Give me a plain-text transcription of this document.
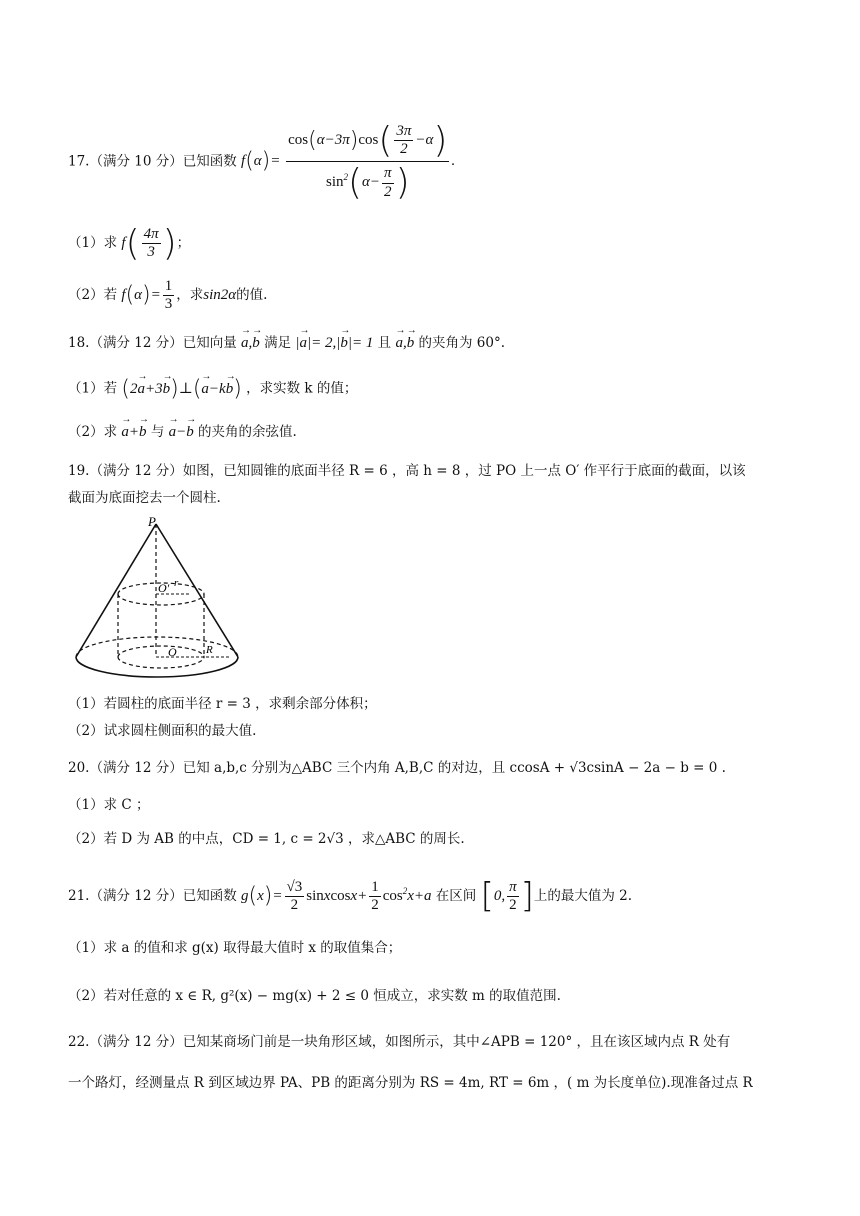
17.（满分 10 分）已知函数 $f(\alpha)= \frac{\cos(\alpha-3\pi)\cos( \frac{3\pi}{2} -\alpha)}{\sin^2(\alpha- \frac{\pi}{2} )}$ .
（1）求 $f( \frac{4\pi}{3}$ )；
（2）若 $f(\alpha)= \frac{1}{3}$ ，求sin2α的值.
18.（满分 12 分）已知向量 → a,→ b 满足 |→ a|= 2,|→ b|= 1 且 → a,→ b 的夹角为 60°.
（1）若 (2→ a+3→ b)⊥(→ a−k→ b) ，求实数 k 的值；
（2）求 → a+→ b 与 → a−→ b 的夹角的余弦值.
19.（满分 12 分）如图，已知圆锥的底面半径 R = 6 ，高 h = 8 ，过 PO 上一点 O′ 作平行于底面的截面，以该
截面为底面挖去一个圆柱.
P
O′ r
O	R
（1）若圆柱的底面半径 r = 3 ，求剩余部分体积；
（2）试求圆柱侧面积的最大值.
20.（满分 12 分）已知 a,b,c 分别为△ABC 三个内角 A,B,C 的对边，且 ccosA + √3csinA − 2a − b = 0 .
（1）求 C ；
（2）若 D 为 AB 的中点，CD = 1, c = 2√3 ，求△ABC 的周长.
21.（满分 12 分）已知函数 $g(x)= \frac{√3}{2}$ sinxcosx+ $\frac{1}{2} \cos^2x+a$ 在区间 [0, $\frac{\pi}{2}$ ]上的最大值为 2.
（1）求 a 的值和求 g(x) 取得最大值时 x 的取值集合；
（2）若对任意的 x ∈ R, g²(x) − mg(x) + 2 ≤ 0 恒成立，求实数 m 的取值范围.
22.（满分 12 分）已知某商场门前是一块角形区域，如图所示，其中∠APB = 120° ，且在该区域内点 R 处有
一个路灯，经测量点 R 到区域边界 PA、PB 的距离分别为 RS = 4m, RT = 6m ，( m 为长度单位).现准备过点 R
